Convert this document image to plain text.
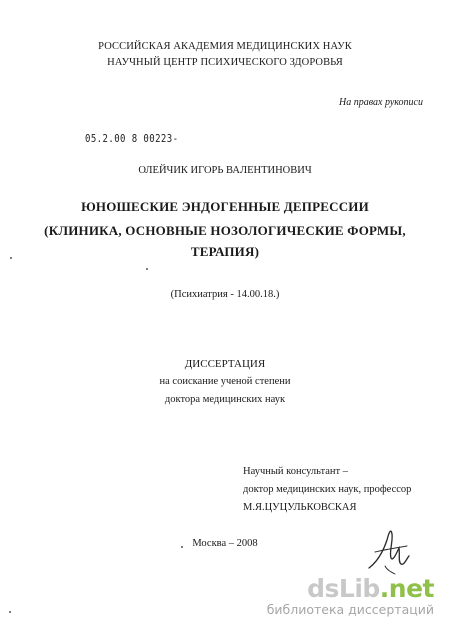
РОССИЙСКАЯ АКАДЕМИЯ МЕДИЦИНСКИХ НАУК
НАУЧНЫЙ ЦЕНТР ПСИХИЧЕСКОГО ЗДОРОВЬЯ
На правах рукописи
05.2.00 8 00223-
ОЛЕЙЧИК ИГОРЬ ВАЛЕНТИНОВИЧ
ЮНОШЕСКИЕ ЭНДОГЕННЫЕ ДЕПРЕССИИ
(КЛИНИКА, ОСНОВНЫЕ НОЗОЛОГИЧЕСКИЕ ФОРМЫ,
ТЕРАПИЯ)
(Психиатрия - 14.00.18.)
ДИССЕРТАЦИЯ
на соискание ученой степени
доктора медицинских наук
Научный консультант –
доктор медицинских наук, профессор
М.Я.ЦУЦУЛЬКОВСКАЯ
Москва – 2008
dsLib.net
библиотека диссертаций
